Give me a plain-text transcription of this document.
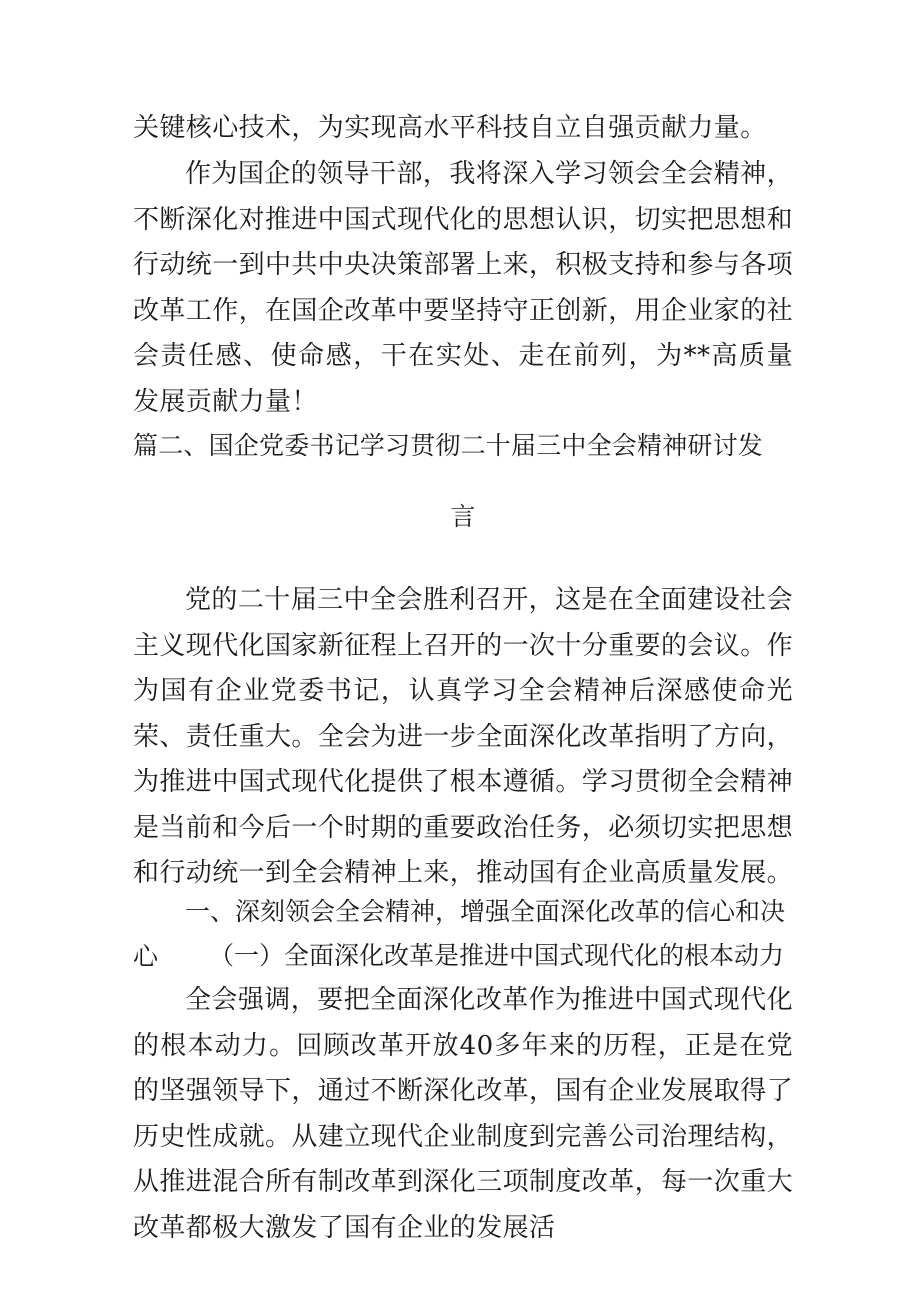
关键核心技术，为实现高水平科技自立自强贡献力量。

作为国企的领导干部，我将深入学习领会全会精神，不断深化对推进中国式现代化的思想认识，切实把思想和行动统一到中共中央决策部署上来，积极支持和参与各项改革工作，在国企改革中要坚持守正创新，用企业家的社会责任感、使命感，干在实处、走在前列，为**高质量发展贡献力量！

篇二、国企党委书记学习贯彻二十届三中全会精神研讨发
言

党的二十届三中全会胜利召开，这是在全面建设社会主义现代化国家新征程上召开的一次十分重要的会议。作为国有企业党委书记，认真学习全会精神后深感使命光荣、责任重大。全会为进一步全面深化改革指明了方向，为推进中国式现代化提供了根本遵循。学习贯彻全会精神是当前和今后一个时期的重要政治任务，必须切实把思想和行动统一到全会精神上来，推动国有企业高质量发展。

一、深刻领会全会精神，增强全面深化改革的信心和决心	（一）全面深化改革是推进中国式现代化的根本动力

全会强调，要把全面深化改革作为推进中国式现代化的根本动力。回顾改革开放40多年来的历程，正是在党的坚强领导下，通过不断深化改革，国有企业发展取得了历史性成就。从建立现代企业制度到完善公司治理结构，从推进混合所有制改革到深化三项制度改革，每一次重大改革都极大激发了国有企业的发展活
